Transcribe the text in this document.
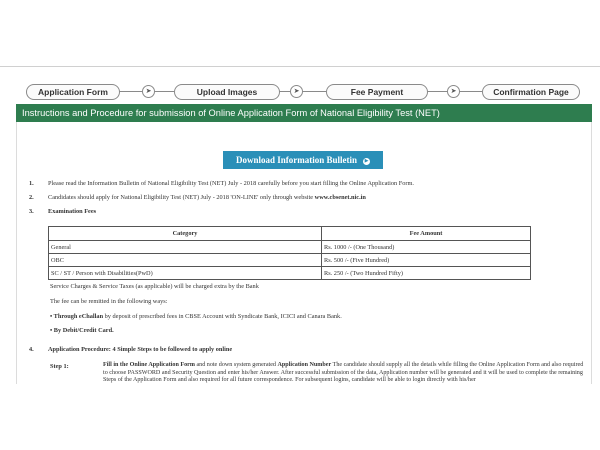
Application Form	➤	Upload Images	➤	Fee Payment	➤	Confirmation Page
Instructions and Procedure for submission of Online Application Form of National Eligibility Test (NET)
Download Information Bulletin ▶
1. Please read the Information Bulletin of National Eligibility Test (NET) July - 2018 carefully before you start filling the Online Application Form.
2. Candidates should apply for National Eligibility Test (NET) July - 2018 'ON-LINE' only through website www.cbsenet.nic.in
3. Examination Fees
Category	Fee Amount
General	Rs. 1000 /- (One Thousand)
OBC	Rs. 500 /- (Five Hundred)
SC / ST / Person with Disabilities(PwD)	Rs. 250 /- (Two Hundred Fifty)
Service Charges & Service Taxes (as applicable) will be charged extra by the Bank
The fee can be remitted in the following ways:
• Through eChallan by deposit of prescribed fees in CBSE Account with Syndicate Bank, ICICI and Canara Bank.
• By Debit/Credit Card.
4. Application Procedure: 4 Simple Steps to be followed to apply online
Step 1:	Fill in the Online Application Form and note down system generated Application Number The candidate should supply all the details while filling the Online Application Form and also required to choose PASSWORD and Security Question and enter his/her Answer. After successful submission of the data, Application number will be generated and it will be used to complete the remaining Steps of the Application Form and also required for all future correspondence. For subsequent logins, candidate will be able to login directly with his/her
